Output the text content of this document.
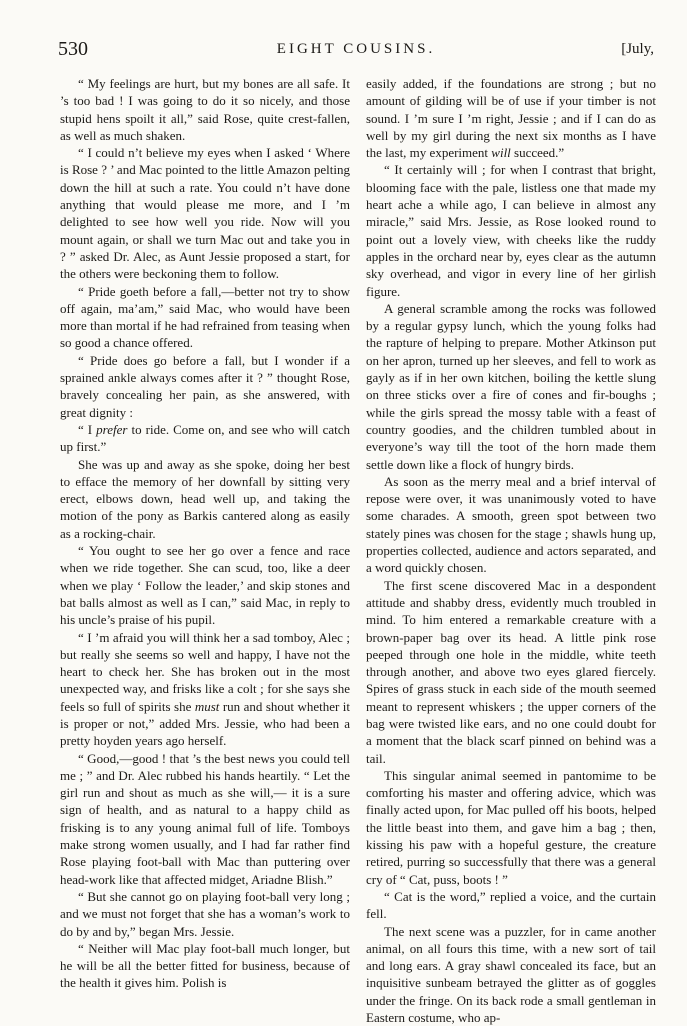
530	EIGHT COUSINS.	[July,

“ My feelings are hurt, but my bones are all safe. It ’s too bad ! I was going to do it so nicely, and those stupid hens spoilt it all,” said Rose, quite crest-fallen, as well as much shaken.

“ I could n’t believe my eyes when I asked ‘ Where is Rose ? ’ and Mac pointed to the little Amazon pelting down the hill at such a rate. You could n’t have done anything that would please me more, and I ’m delighted to see how well you ride. Now will you mount again, or shall we turn Mac out and take you in ? ” asked Dr. Alec, as Aunt Jessie proposed a start, for the others were beckoning them to follow.

“ Pride goeth before a fall,—better not try to show off again, ma’am,” said Mac, who would have been more than mortal if he had refrained from teasing when so good a chance offered.

“ Pride does go before a fall, but I wonder if a sprained ankle always comes after it ? ” thought Rose, bravely concealing her pain, as she answered, with great dignity :

“ I prefer to ride. Come on, and see who will catch up first.”

She was up and away as she spoke, doing her best to efface the memory of her downfall by sitting very erect, elbows down, head well up, and taking the motion of the pony as Barkis cantered along as easily as a rocking-chair.

“ You ought to see her go over a fence and race when we ride together. She can scud, too, like a deer when we play ‘ Follow the leader,’ and skip stones and bat balls almost as well as I can,” said Mac, in reply to his uncle’s praise of his pupil.

“ I ’m afraid you will think her a sad tomboy, Alec ; but really she seems so well and happy, I have not the heart to check her. She has broken out in the most unexpected way, and frisks like a colt ; for she says she feels so full of spirits she must run and shout whether it is proper or not,” added Mrs. Jessie, who had been a pretty hoyden years ago herself.

“ Good,—good ! that ’s the best news you could tell me ; ” and Dr. Alec rubbed his hands heartily. “ Let the girl run and shout as much as she will,— it is a sure sign of health, and as natural to a happy child as frisking is to any young animal full of life. Tomboys make strong women usually, and I had far rather find Rose playing foot-ball with Mac than puttering over head-work like that affected midget, Ariadne Blish.”

“ But she cannot go on playing foot-ball very long ; and we must not forget that she has a woman’s work to do by and by,” began Mrs. Jessie.

“ Neither will Mac play foot-ball much longer, but he will be all the better fitted for business, because of the health it gives him. Polish is

easily added, if the foundations are strong ; but no amount of gilding will be of use if your timber is not sound. I ’m sure I ’m right, Jessie ; and if I can do as well by my girl during the next six months as I have the last, my experiment will succeed.”

“ It certainly will ; for when I contrast that bright, blooming face with the pale, listless one that made my heart ache a while ago, I can believe in almost any miracle,” said Mrs. Jessie, as Rose looked round to point out a lovely view, with cheeks like the ruddy apples in the orchard near by, eyes clear as the autumn sky overhead, and vigor in every line of her girlish figure.

A general scramble among the rocks was followed by a regular gypsy lunch, which the young folks had the rapture of helping to prepare. Mother Atkinson put on her apron, turned up her sleeves, and fell to work as gayly as if in her own kitchen, boiling the kettle slung on three sticks over a fire of cones and fir-boughs ; while the girls spread the mossy table with a feast of country goodies, and the children tumbled about in everyone’s way till the toot of the horn made them settle down like a flock of hungry birds.

As soon as the merry meal and a brief interval of repose were over, it was unanimously voted to have some charades. A smooth, green spot between two stately pines was chosen for the stage ; shawls hung up, properties collected, audience and actors separated, and a word quickly chosen.

The first scene discovered Mac in a despondent attitude and shabby dress, evidently much troubled in mind. To him entered a remarkable creature with a brown-paper bag over its head. A little pink rose peeped through one hole in the middle, white teeth through another, and above two eyes glared fiercely. Spires of grass stuck in each side of the mouth seemed meant to represent whiskers ; the upper corners of the bag were twisted like ears, and no one could doubt for a moment that the black scarf pinned on behind was a tail.

This singular animal seemed in pantomime to be comforting his master and offering advice, which was finally acted upon, for Mac pulled off his boots, helped the little beast into them, and gave him a bag ; then, kissing his paw with a hopeful gesture, the creature retired, purring so successfully that there was a general cry of “ Cat, puss, boots ! ”

“ Cat is the word,” replied a voice, and the curtain fell.

The next scene was a puzzler, for in came another animal, on all fours this time, with a new sort of tail and long ears. A gray shawl concealed its face, but an inquisitive sunbeam betrayed the glitter as of goggles under the fringe. On its back rode a small gentleman in Eastern costume, who ap-
